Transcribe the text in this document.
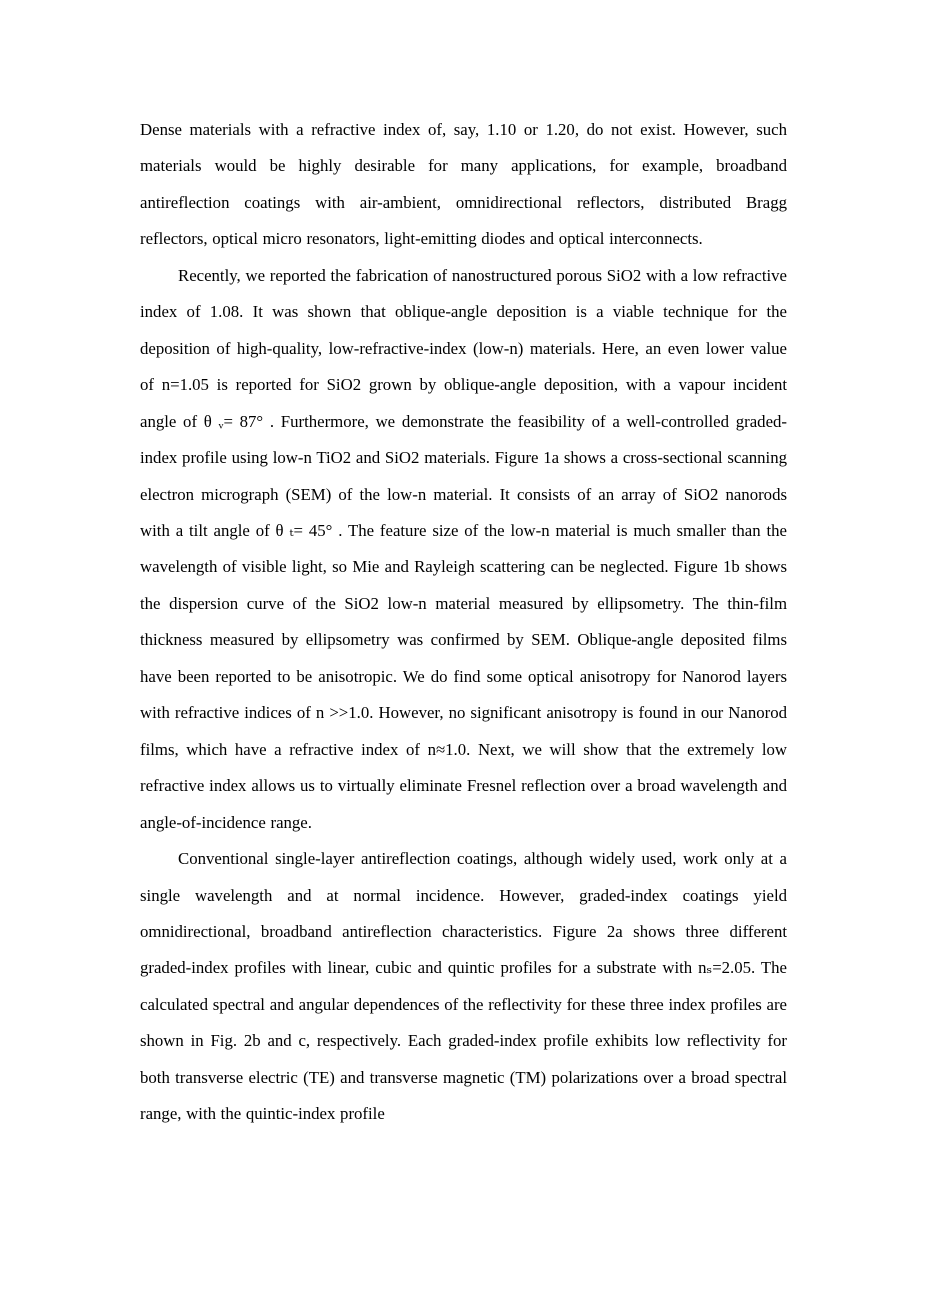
Dense materials with a refractive index of, say, 1.10 or 1.20, do not exist. However, such materials would be highly desirable for many applications, for example, broadband antireflection coatings with air-ambient, omnidirectional reflectors, distributed Bragg reflectors, optical micro resonators, light-emitting diodes and optical interconnects.

Recently, we reported the fabrication of nanostructured porous SiO2 with a low refractive index of 1.08. It was shown that oblique-angle deposition is a viable technique for the deposition of high-quality, low-refractive-index (low-n) materials. Here, an even lower value of n=1.05 is reported for SiO2 grown by oblique-angle deposition, with a vapour incident angle of θ ᵥ= 87° . Furthermore, we demonstrate the feasibility of a well-controlled graded-index profile using low-n TiO2 and SiO2 materials. Figure 1a shows a cross-sectional scanning electron micrograph (SEM) of the low-n material. It consists of an array of SiO2 nanorods with a tilt angle of θ ₜ= 45° . The feature size of the low-n material is much smaller than the wavelength of visible light, so Mie and Rayleigh scattering can be neglected. Figure 1b shows the dispersion curve of the SiO2 low-n material measured by ellipsometry. The thin-film thickness measured by ellipsometry was confirmed by SEM. Oblique-angle deposited films have been reported to be anisotropic. We do find some optical anisotropy for Nanorod layers with refractive indices of n >>1.0. However, no significant anisotropy is found in our Nanorod films, which have a refractive index of n≈1.0. Next, we will show that the extremely low refractive index allows us to virtually eliminate Fresnel reflection over a broad wavelength and angle-of-incidence range.

Conventional single-layer antireflection coatings, although widely used, work only at a single wavelength and at normal incidence. However, graded-index coatings yield omnidirectional, broadband antireflection characteristics. Figure 2a shows three different graded-index profiles with linear, cubic and quintic profiles for a substrate with nₛ=2.05. The calculated spectral and angular dependences of the reflectivity for these three index profiles are shown in Fig. 2b and c, respectively. Each graded-index profile exhibits low reflectivity for both transverse electric (TE) and transverse magnetic (TM) polarizations over a broad spectral range, with the quintic-index profile
